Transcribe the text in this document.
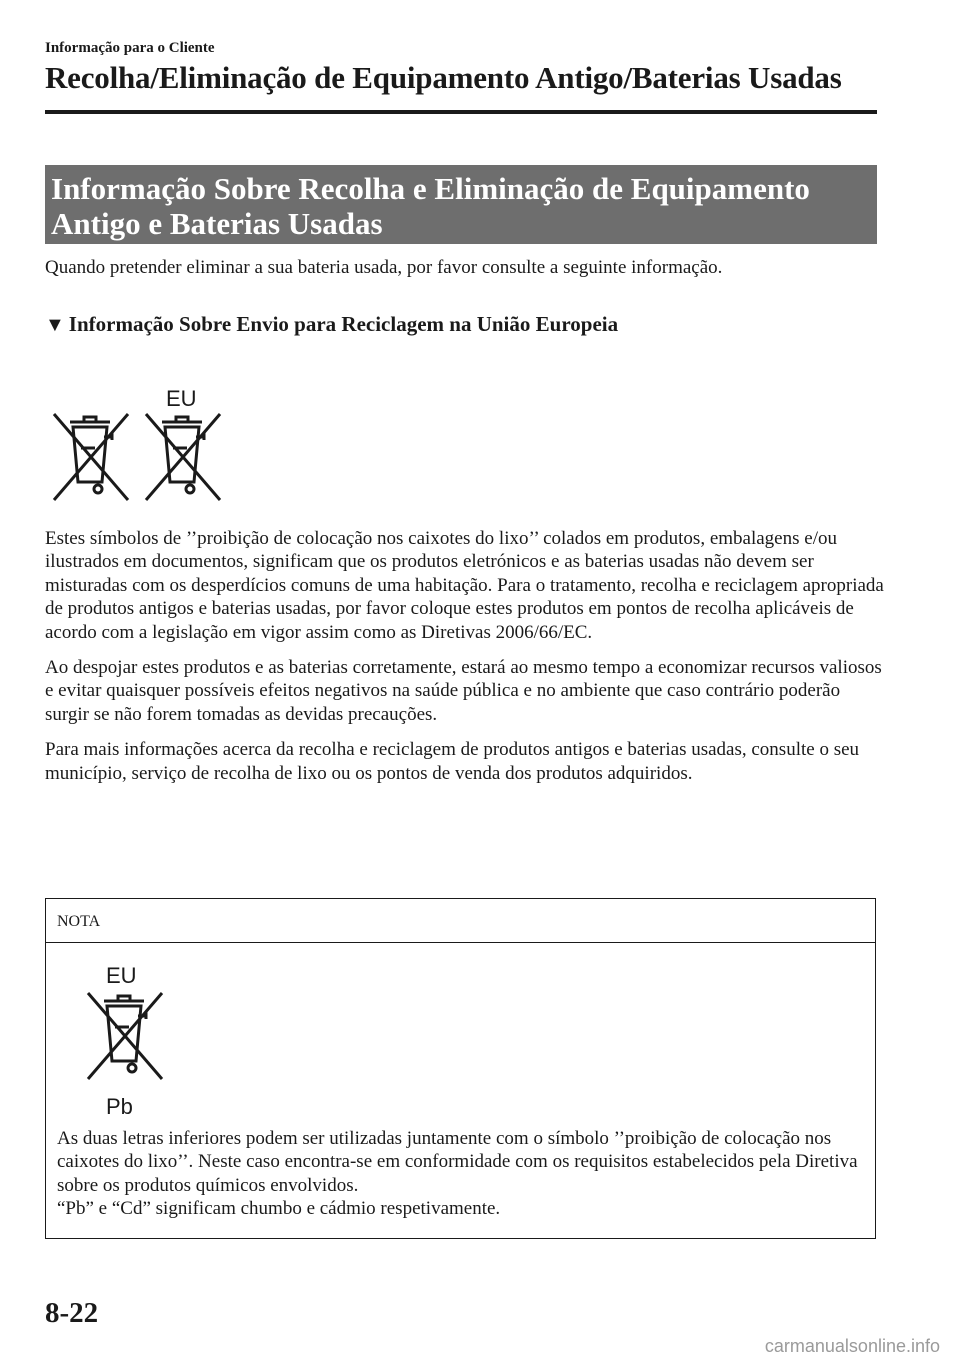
Informação para o Cliente
Recolha/Eliminação de Equipamento Antigo/Baterias Usadas
Informação Sobre Recolha e Eliminação de Equipamento
Antigo e Baterias Usadas
Quando pretender eliminar a sua bateria usada, por favor consulte a seguinte informação.
▼ Informação Sobre Envio para Reciclagem na União Europeia
EU

Estes símbolos de ’’proibição de colocação nos caixotes do lixo’’ colados em produtos, embalagens e/ou ilustrados em documentos, significam que os produtos eletrónicos e as baterias usadas não devem ser misturadas com os desperdícios comuns de uma habitação. Para o tratamento, recolha e reciclagem apropriada de produtos antigos e baterias usadas, por favor coloque estes produtos em pontos de recolha aplicáveis de acordo com a legislação em vigor assim como as Diretivas 2006/66/EC.

Ao despojar estes produtos e as baterias corretamente, estará ao mesmo tempo a economizar recursos valiosos e evitar quaisquer possíveis efeitos negativos na saúde pública e no ambiente que caso contrário poderão surgir se não forem tomadas as devidas precauções.

Para mais informações acerca da recolha e reciclagem de produtos antigos e baterias usadas, consulte o seu município, serviço de recolha de lixo ou os pontos de venda dos produtos adquiridos.

NOTA
EU
Pb
As duas letras inferiores podem ser utilizadas juntamente com o símbolo ’’proibição de colocação nos caixotes do lixo’’. Neste caso encontra-se em conformidade com os requisitos estabelecidos pela Diretiva sobre os produtos químicos envolvidos.
“Pb” e “Cd” significam chumbo e cádmio respetivamente.
8-22
carmanualsonline.info
